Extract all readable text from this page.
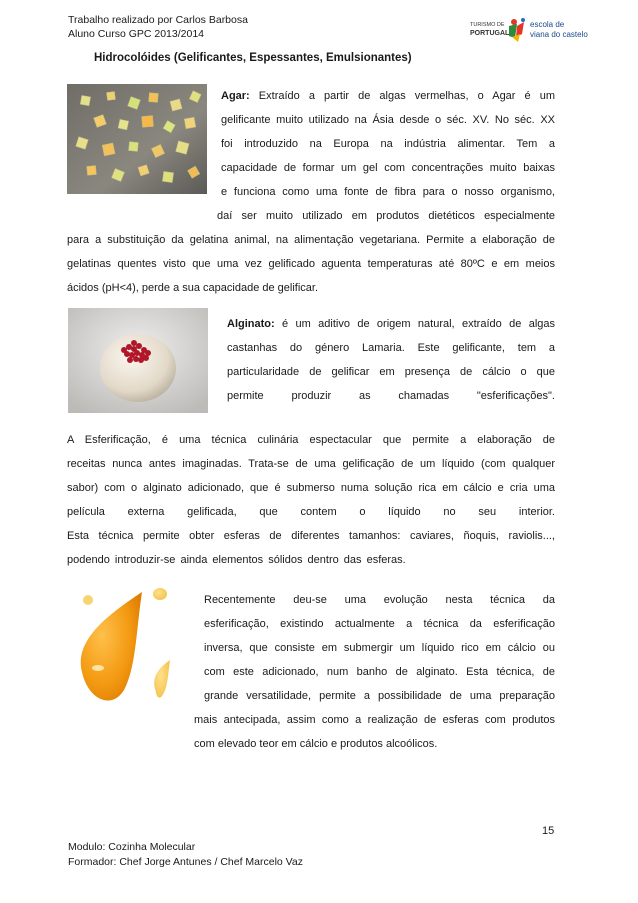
Trabalho realizado por Carlos Barbosa
Aluno Curso GPC 2013/2014
TURISMO DE
PORTUGAL
escola de
viana do castelo
Hidrocolóides (Gelificantes, Espessantes, Emulsionantes)
Agar: Extraído a partir de algas vermelhas, o Agar é um
gelificante muito utilizado na Ásia desde o séc. XV. No séc. XX
foi introduzido na Europa na indústria alimentar. Tem a
capacidade de formar um gel com concentrações muito baixas
e funciona como uma fonte de fibra para o nosso organismo,
daí ser muito utilizado em produtos dietéticos especialmente
para a substituição da gelatina animal, na alimentação vegetariana. Permite a elaboração de
gelatinas quentes visto que uma vez gelificado aguenta temperaturas até 80ºC e em meios
ácidos (pH<4), perde a sua capacidade de gelificar.
Alginato: é um aditivo de origem natural, extraído de algas
castanhas do género Lamaria. Este gelificante, tem a
particularidade de gelificar em presença de cálcio o que
permite produzir as chamadas "esferificações".
A Esferificação, é uma técnica culinária espectacular que permite a elaboração de
receitas nunca antes imaginadas. Trata-se de uma gelificação de um líquido (com qualquer
sabor) com o alginato adicionado, que é submerso numa solução rica em cálcio e cria uma
película externa gelificada, que contem o líquido no seu interior.
Esta técnica permite obter esferas de diferentes tamanhos: caviares, ñoquis, raviolis...,
podendo introduzir-se ainda elementos sólidos dentro das esferas.
Recentemente deu-se uma evolução nesta técnica da
esferificação, existindo actualmente a técnica da esferificação
inversa, que consiste em submergir um líquido rico em cálcio ou
com este adicionado, num banho de alginato. Esta técnica, de
grande versatilidade, permite a possibilidade de uma preparação
mais antecipada, assim como a realização de esferas com produtos
com elevado teor em cálcio e produtos alcoólicos.
15
Modulo: Cozinha Molecular
Formador: Chef Jorge Antunes / Chef Marcelo Vaz
